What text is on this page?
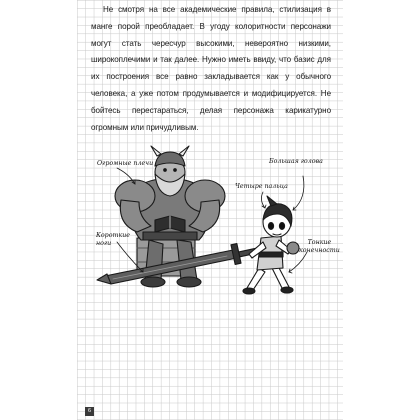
Не смотря на все академические правила, стилизация в манге порой преобладает. В угоду колоритности персонажи могут стать чересчур высокими, невероятно низкими, широкоплечими и так далее. Нужно иметь ввиду, что базис для их построения все равно закладывается как у обычного человека, а уже потом продумывается и модифицируется. Не бойтесь перестараться, делая персонажа карикатурно огромным или причудливым.

Огромные плечи	Большая голова
Четыре пальца
Короткие
ноги	Тонкие
конечности
6
